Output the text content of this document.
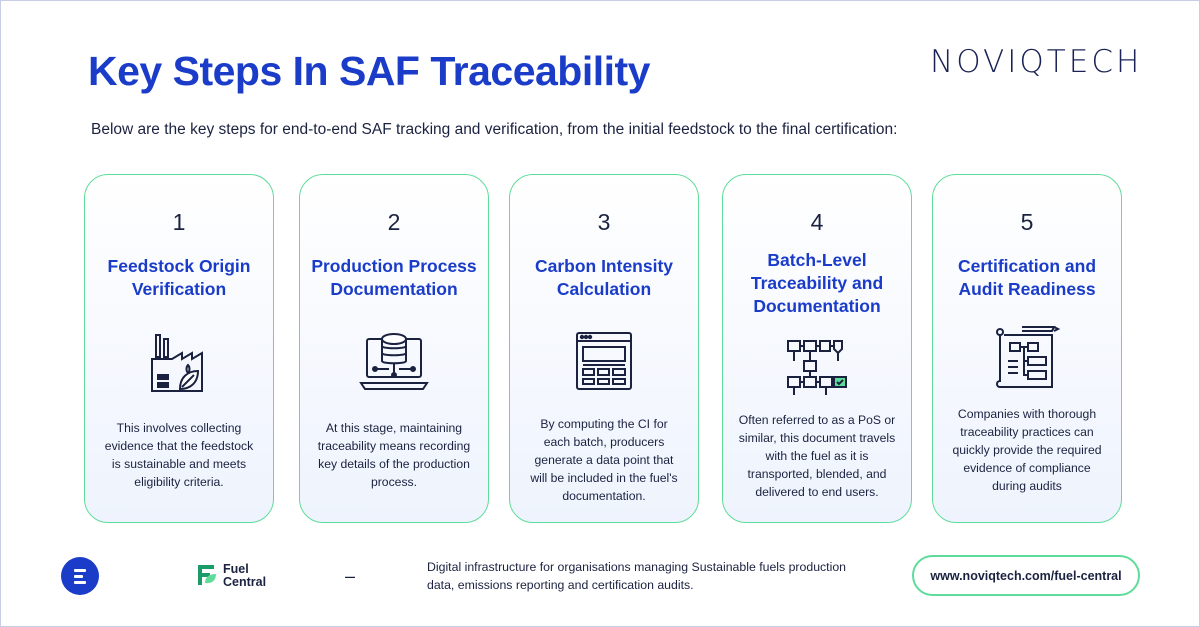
Key Steps In SAF Traceability	NOVIQTECH

Below are the key steps for end-to-end SAF tracking and verification, from the initial feedstock to the final certification:

1
Feedstock Origin
Verification
This involves collecting
evidence that the feedstock
is sustainable and meets
eligibility criteria.
2
Production Process
Documentation
At this stage, maintaining
traceability means recording
key details of the production
process.
3
Carbon Intensity
Calculation
By computing the CI for
each batch, producers
generate a data point that
will be included in the fuel's
documentation.
4
Batch-Level
Traceability and
Documentation
Often referred to as a PoS or
similar, this document travels
with the fuel as it is
transported, blended, and
delivered to end users.
5
Certification and
Audit Readiness
Companies with thorough
traceability practices can
quickly provide the required
evidence of compliance
during audits
Fuel
Central	–	Digital infrastructure for organisations managing Sustainable fuels production
data, emissions reporting and certification audits.
www.noviqtech.com/fuel-central
